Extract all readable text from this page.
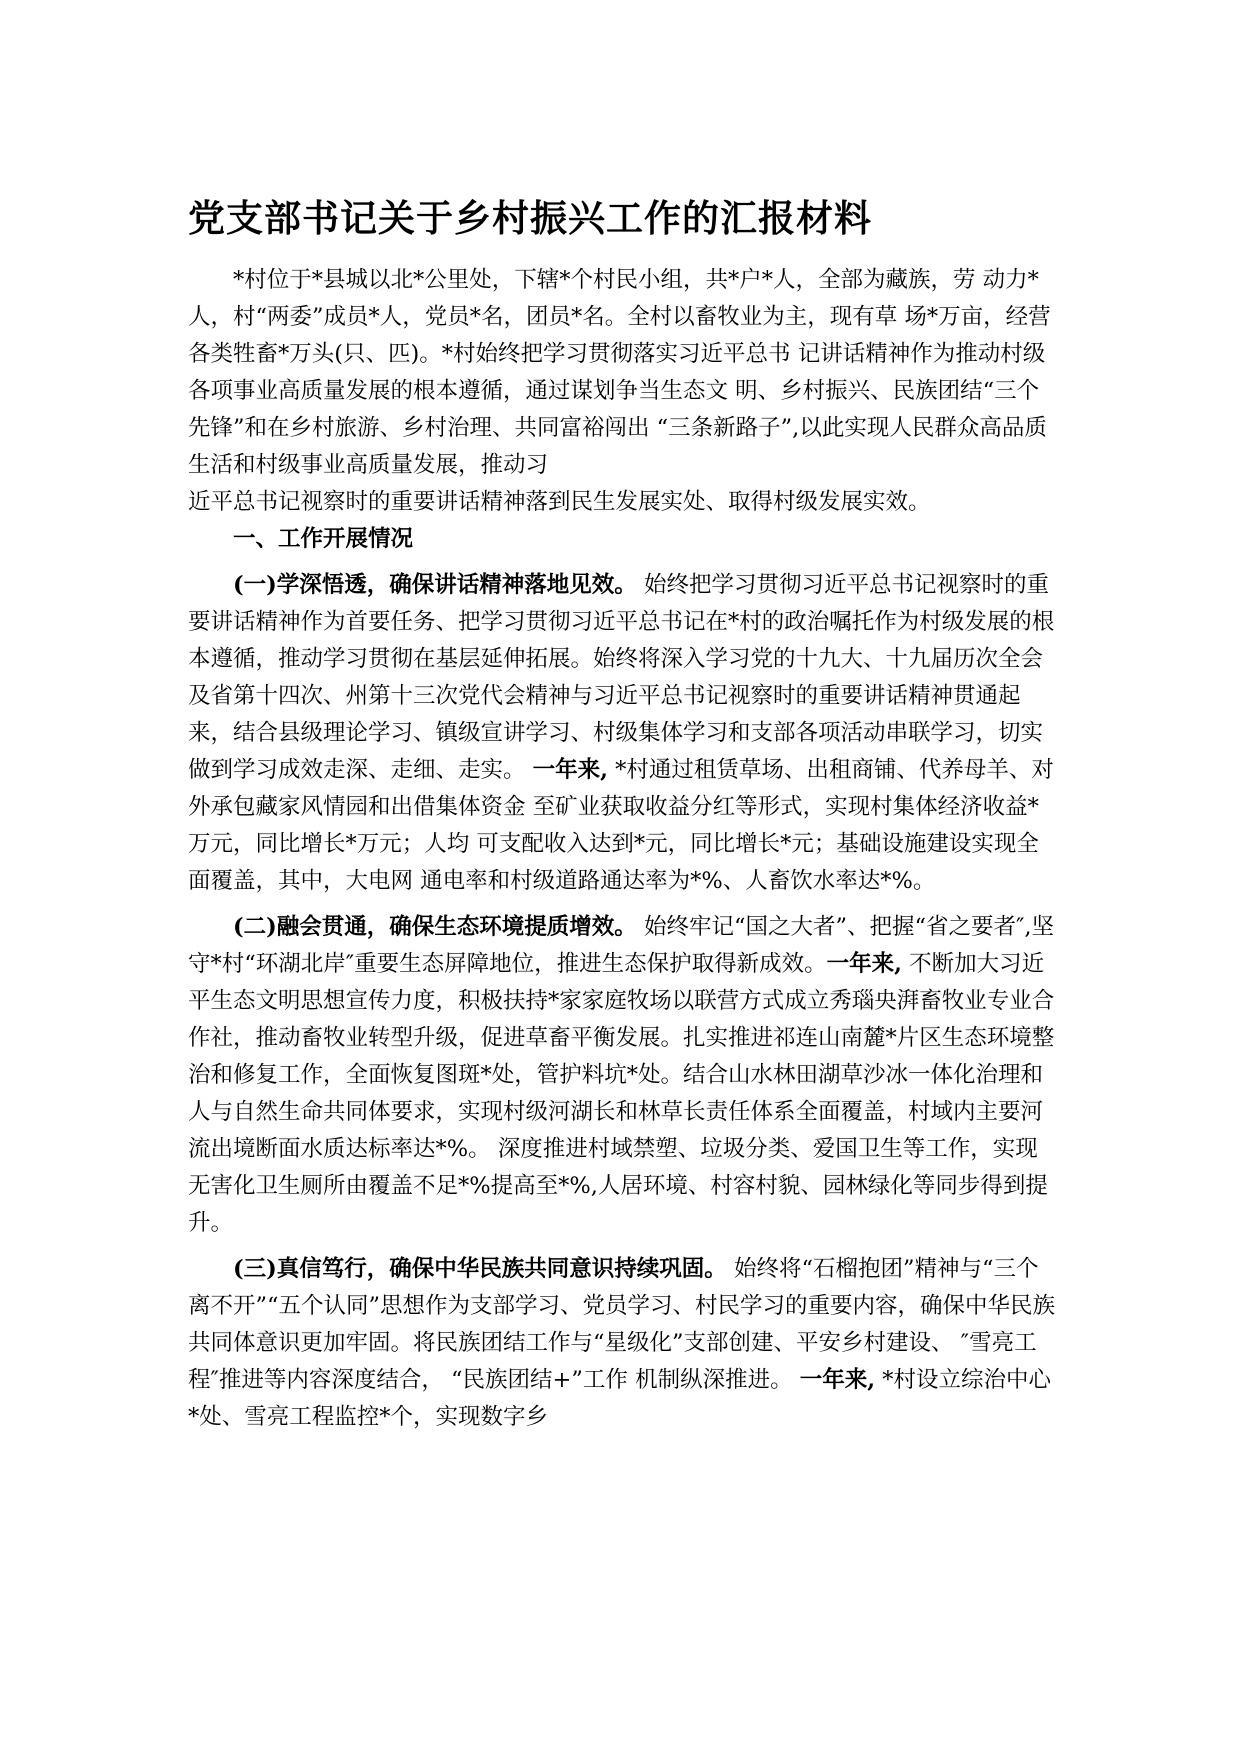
党支部书记关于乡村振兴工作的汇报材料

*村位于*县城以北*公里处，下辖*个村民小组，共*户*人，全部为藏族，劳 动力*人，村“两委”成员*人，党员*名，团员*名。全村以畜牧业为主，现有草 场*万亩，经营各类牲畜*万头(只、匹)。*村始终把学习贯彻落实习近平总书 记讲话精神作为推动村级各项事业高质量发展的根本遵循，通过谋划争当生态文 明、乡村振兴、民族团结“三个先锋”和在乡村旅游、乡村治理、共同富裕闯出 “三条新路子”,以此实现人民群众高品质生活和村级事业高质量发展，推动习

近平总书记视察时的重要讲话精神落到民生发展实处、取得村级发展实效。

一、工作开展情况

(一)学深悟透，确保讲话精神落地见效。 始终把学习贯彻习近平总书记视察时的重要讲话精神作为首要任务、把学习贯彻习近平总书记在*村的政治嘱托作为村级发展的根本遵循，推动学习贯彻在基层延伸拓展。始终将深入学习党的十九大、十九届历次全会及省第十四次、州第十三次党代会精神与习近平总书记视察时的重要讲话精神贯通起来，结合县级理论学习、镇级宣讲学习、村级集体学习和支部各项活动串联学习，切实做到学习成效走深、走细、走实。 一年来, *村通过租赁草场、出租商铺、代养母羊、对外承包藏家风情园和出借集体资金 至矿业获取收益分红等形式，实现村集体经济收益*万元，同比增长*万元；人均 可支配收入达到*元，同比增长*元；基础设施建设实现全面覆盖，其中，大电网 通电率和村级道路通达率为*%、人畜饮水率达*%。

(二)融会贯通，确保生态环境提质增效。 始终牢记“国之大者”、把握“省之要者″,坚守*村“环湖北岸″重要生态屏障地位，推进生态保护取得新成效。一年来, 不断加大习近平生态文明思想宣传力度，积极扶持*家家庭牧场以联营方式成立秀瑙央湃畜牧业专业合作社，推动畜牧业转型升级，促进草畜平衡发展。扎实推进祁连山南麓*片区生态环境整治和修复工作，全面恢复图斑*处，管护料坑*处。结合山水林田湖草沙冰一体化治理和人与自然生命共同体要求，实现村级河湖长和林草长责任体系全面覆盖，村域内主要河流出境断面水质达标率达*%。 深度推进村域禁塑、垃圾分类、爱国卫生等工作，实现无害化卫生厕所由覆盖不足*%提高至*%,人居环境、村容村貌、园林绿化等同步得到提升。

(三)真信笃行，确保中华民族共同意识持续巩固。 始终将“石榴抱团”精神与“三个离不开”“五个认同”思想作为支部学习、党员学习、村民学习的重要内容，确保中华民族共同体意识更加牢固。将民族团结工作与“星级化”支部创建、平安乡村建设、 ″雪亮工程″推进等内容深度结合， “民族团结+”工作 机制纵深推进。 一年来, *村设立综治中心*处、雪亮工程监控*个，实现数字乡
